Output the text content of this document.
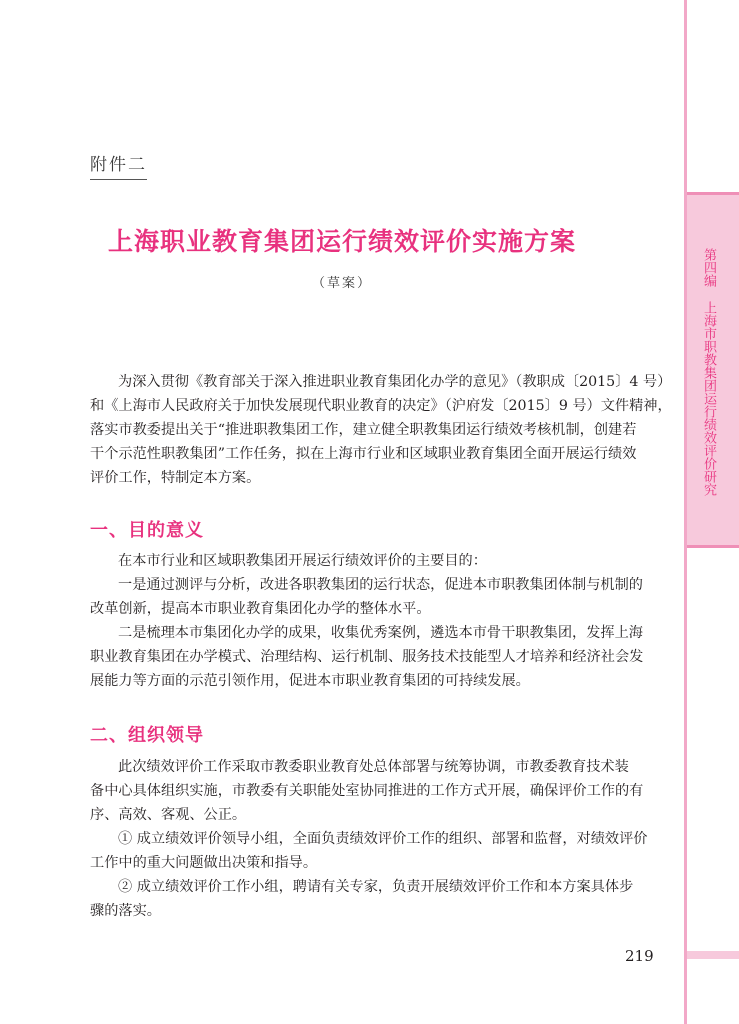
第四编上海市职教集团运行绩效评价研究
附件二
上海职业教育集团运行绩效评价实施方案
（草案）
为深入贯彻《教育部关于深入推进职业教育集团化办学的意见》（教职成〔2015〕4 号）
和《上海市人民政府关于加快发展现代职业教育的决定》（沪府发〔2015〕9 号）文件精神，
落实市教委提出关于“推进职教集团工作，建立健全职教集团运行绩效考核机制，创建若
干个示范性职教集团”工作任务，拟在上海市行业和区域职业教育集团全面开展运行绩效
评价工作，特制定本方案。
一、目的意义
在本市行业和区域职教集团开展运行绩效评价的主要目的：
一是通过测评与分析，改进各职教集团的运行状态，促进本市职教集团体制与机制的
改革创新，提高本市职业教育集团化办学的整体水平。
二是梳理本市集团化办学的成果，收集优秀案例，遴选本市骨干职教集团，发挥上海
职业教育集团在办学模式、治理结构、运行机制、服务技术技能型人才培养和经济社会发
展能力等方面的示范引领作用，促进本市职业教育集团的可持续发展。
二、组织领导
此次绩效评价工作采取市教委职业教育处总体部署与统筹协调，市教委教育技术装
备中心具体组织实施，市教委有关职能处室协同推进的工作方式开展，确保评价工作的有
序、高效、客观、公正。
① 成立绩效评价领导小组，全面负责绩效评价工作的组织、部署和监督，对绩效评价
工作中的重大问题做出决策和指导。
② 成立绩效评价工作小组，聘请有关专家，负责开展绩效评价工作和本方案具体步
骤的落实。
219
